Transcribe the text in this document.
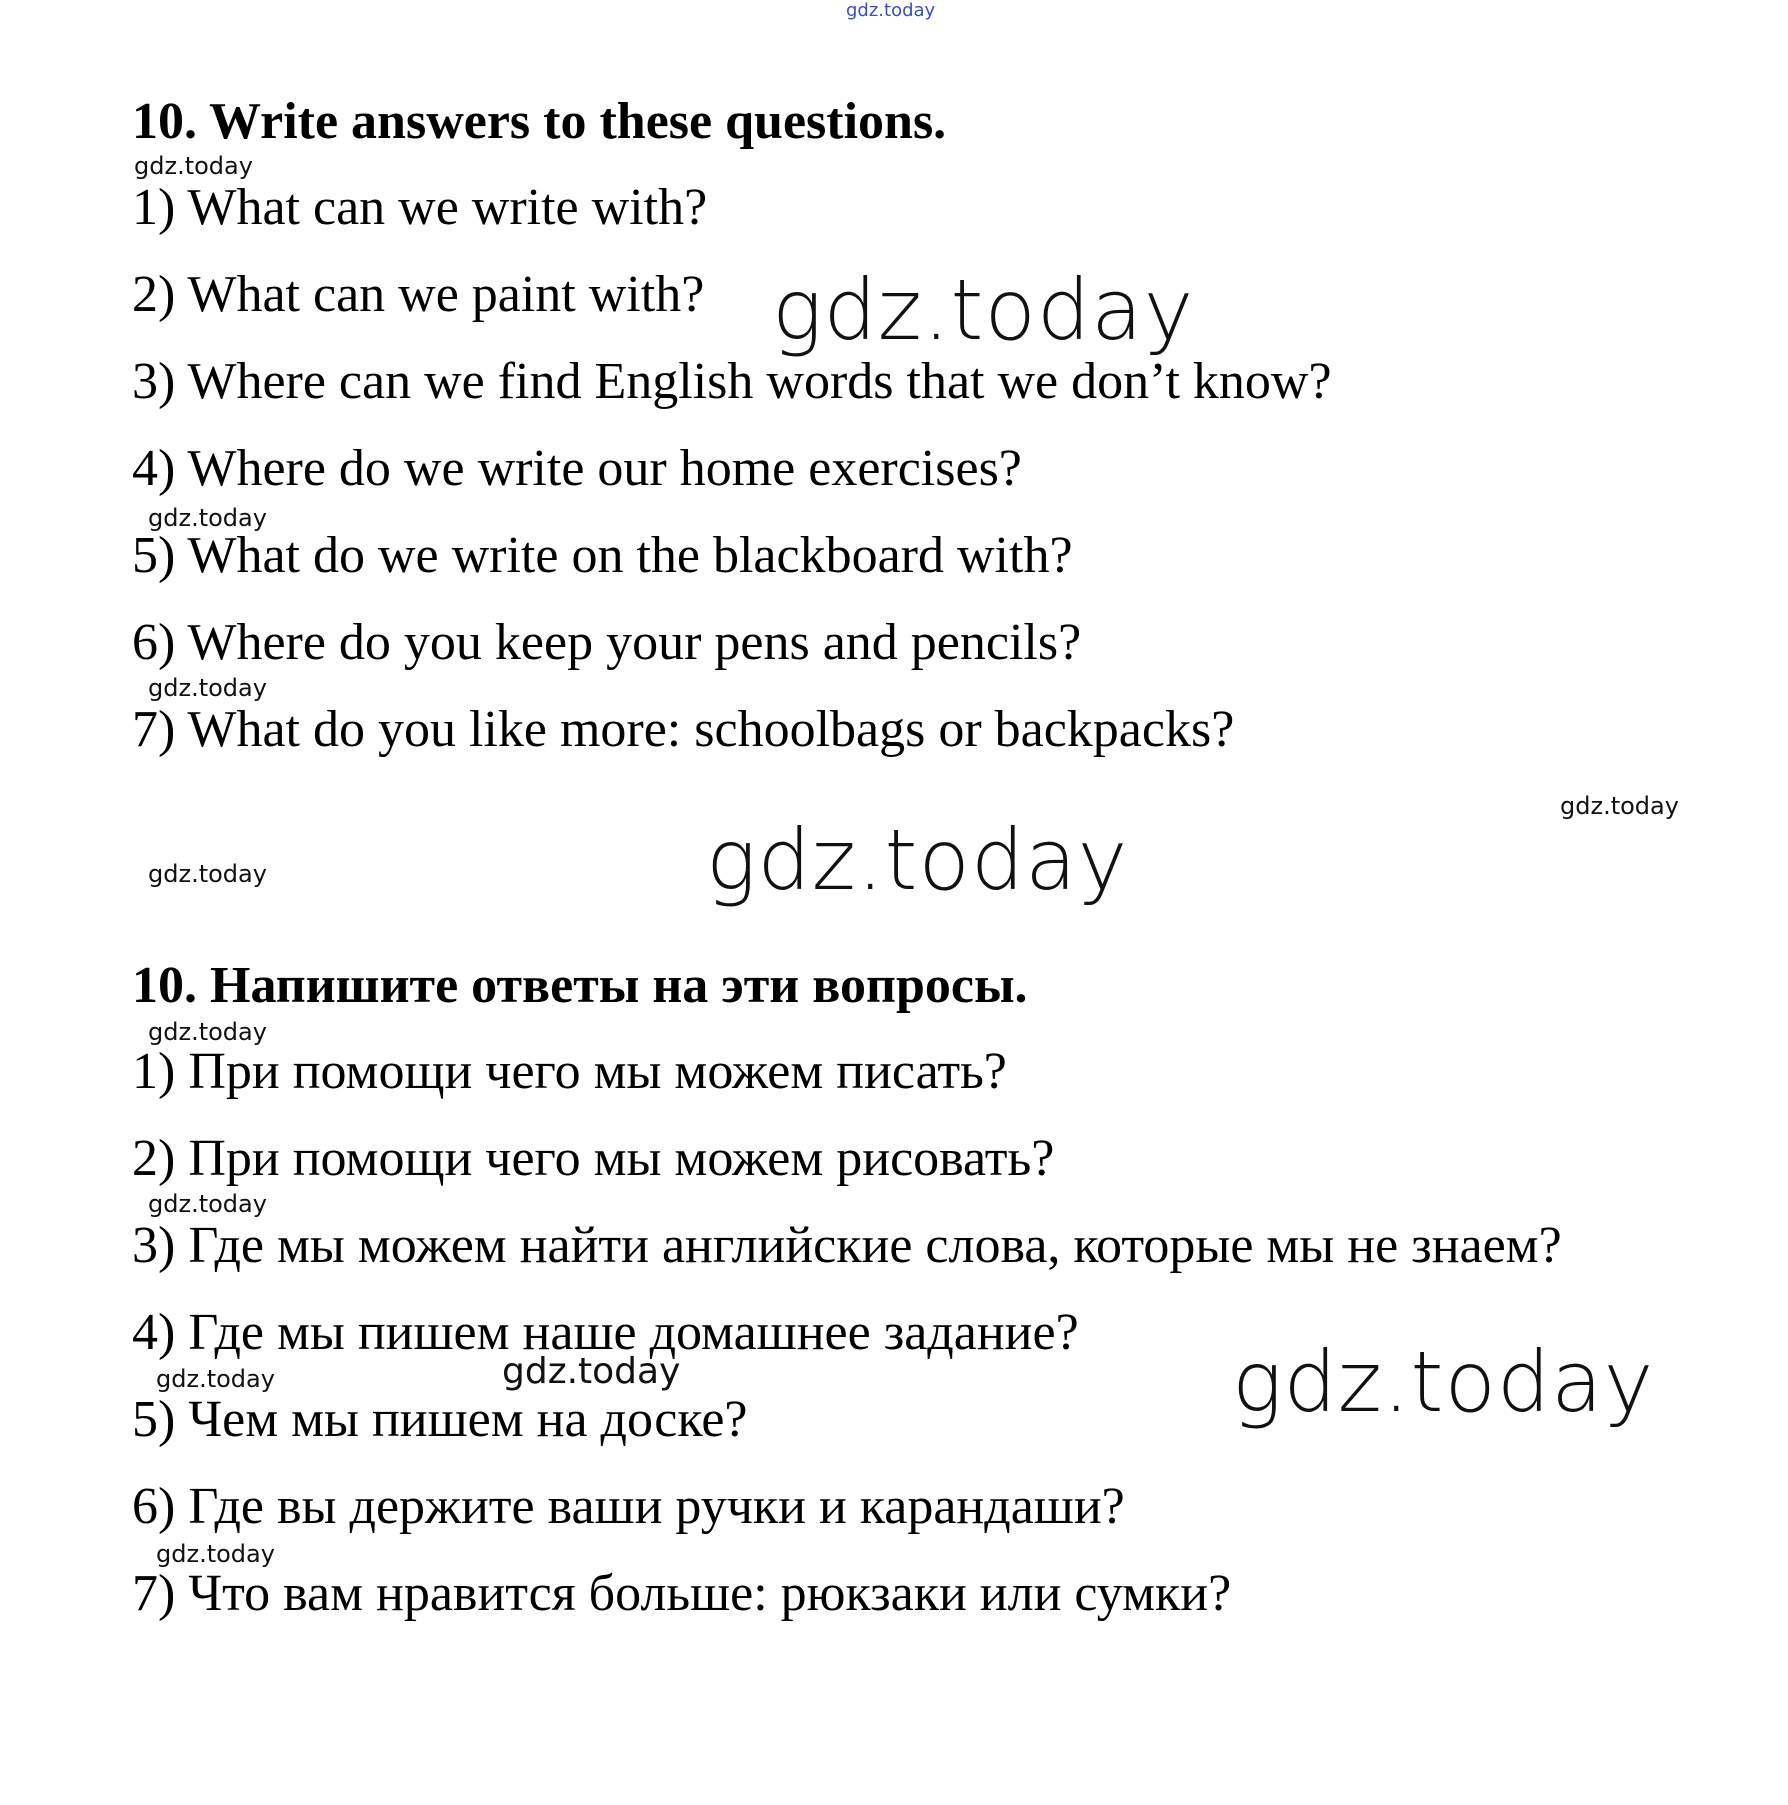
gdz.today
10. Write answers to these questions.
gdz.today
1) What can we write with?
2) What can we paint with? gdz.today
3) Where can we find English words that we don’t know?
4) Where do we write our home exercises?
gdz.today
5) What do we write on the blackboard with?
6) Where do you keep your pens and pencils?
gdz.today
7) What do you like more: schoolbags or backpacks?
gdz.today
gdz.today	gdz.today
10. Напишите ответы на эти вопросы.
gdz.today
1) При помощи чего мы можем писать?
2) При помощи чего мы можем рисовать?
gdz.today
3) Где мы можем найти английские слова, которые мы не знаем?
4) Где мы пишем наше домашнее задание?
gdz.today	gdz.today	gdz.today
5) Чем мы пишем на доске?
6) Где вы держите ваши ручки и карандаши?
gdz.today
7) Что вам нравится больше: рюкзаки или сумки?
